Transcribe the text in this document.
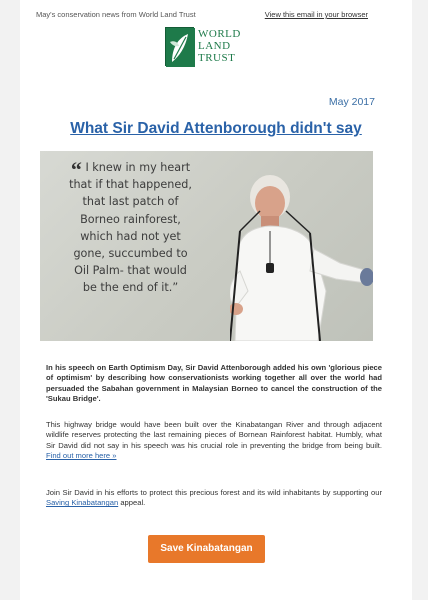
May's conservation news from World Land Trust	View this email in your browser
WORLD
LAND
TRUST
May 2017
What Sir David Attenborough didn't say
“ I knew in my heart
that if that happened,
that last patch of
Borneo rainforest,
which had not yet
gone, succumbed to
Oil Palm- that would
be the end of it.”
In his speech on Earth Optimism Day, Sir David Attenborough added his own 'glorious piece of optimism' by describing how conservationists working together all over the world had persuaded the Sabahan government in Malaysian Borneo to cancel the construction of the 'Sukau Bridge'.
This highway bridge would have been built over the Kinabatangan River and through adjacent wildlife reserves protecting the last remaining pieces of Bornean Rainforest habitat. Humbly, what Sir David did not say in his speech was his crucial role in preventing the bridge from being built. Find out more here »
Join Sir David in his efforts to protect this precious forest and its wild inhabitants by supporting our Saving Kinabatangan appeal.
Save Kinabatangan
